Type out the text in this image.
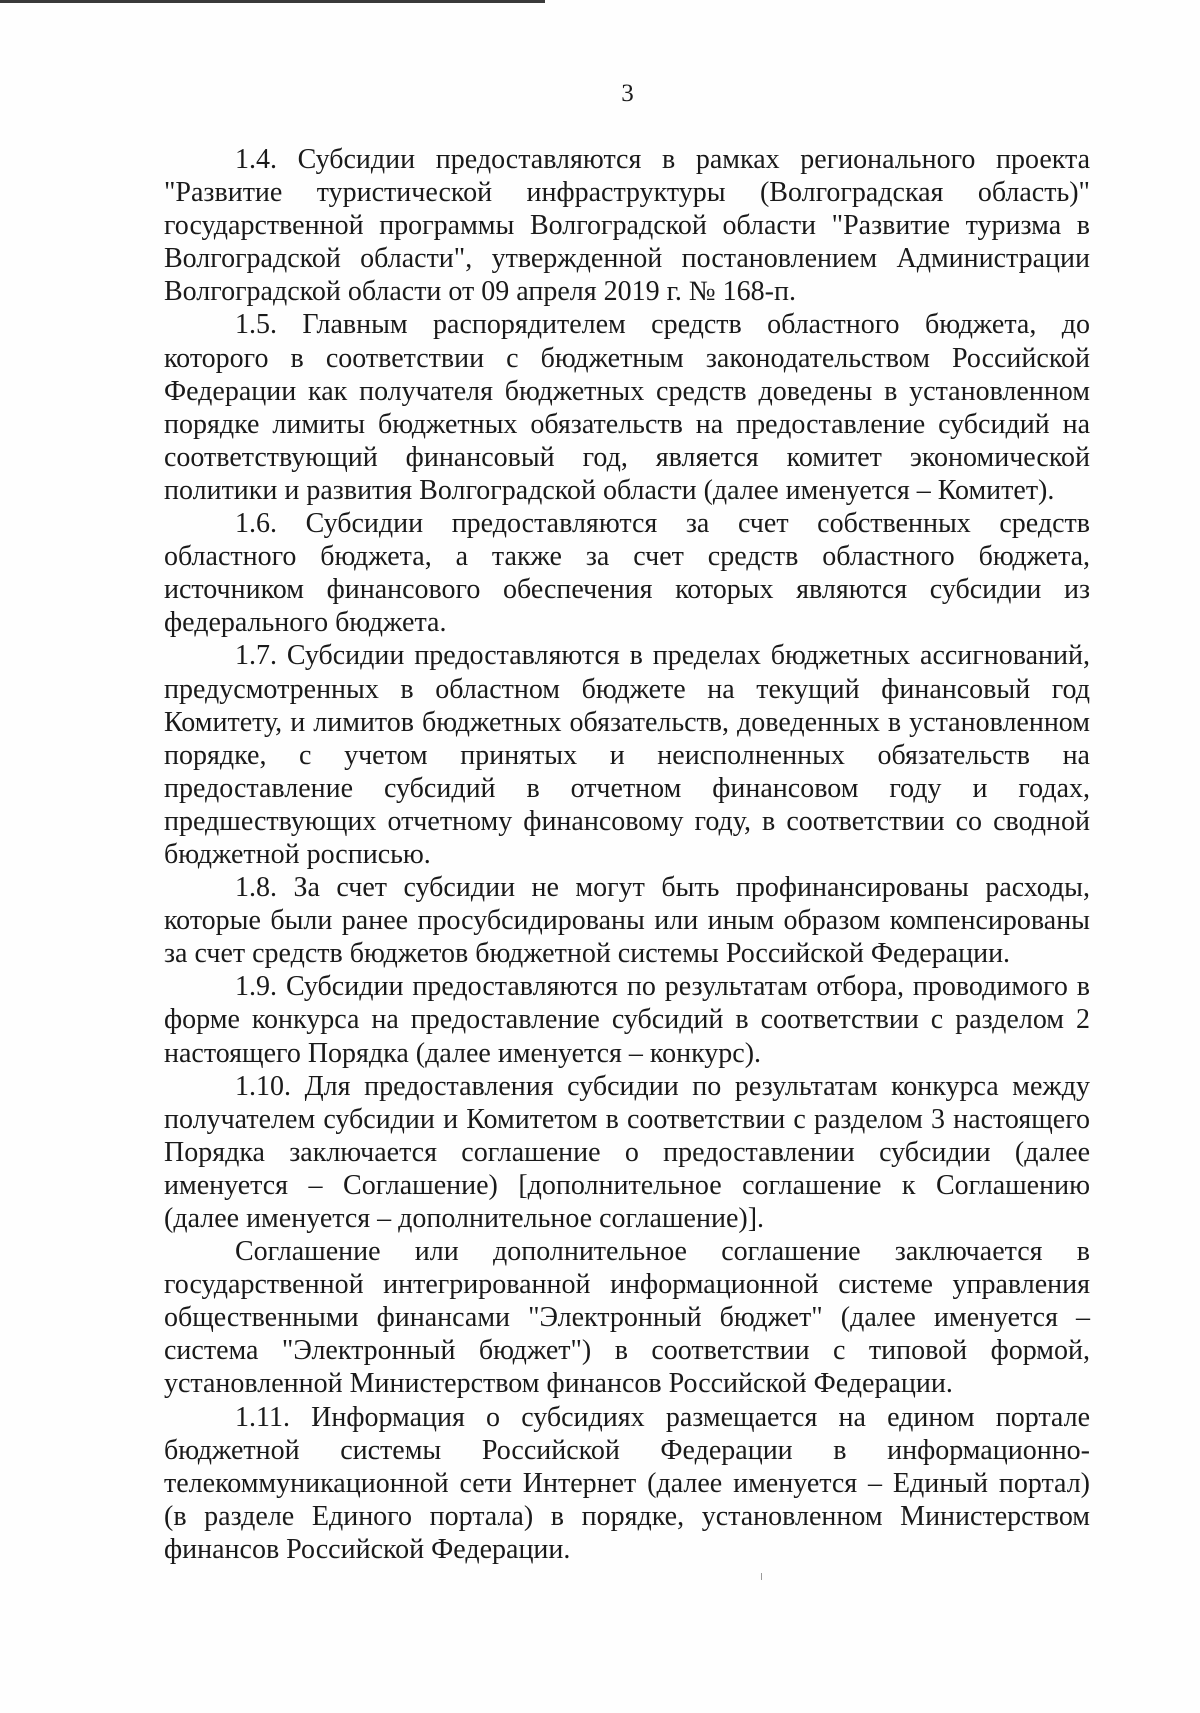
3

1.4. Субсидии предоставляются в рамках регионального проекта "Развитие туристической инфраструктуры (Волгоградская область)" государственной программы Волгоградской области "Развитие туризма в Волгоградской области", утвержденной постановлением Администрации Волгоградской области от 09 апреля 2019 г. № 168-п.

1.5. Главным распорядителем средств областного бюджета, до которого в соответствии с бюджетным законодательством Российской Федерации как получателя бюджетных средств доведены в установленном порядке лимиты бюджетных обязательств на предоставление субсидий на соответствующий финансовый год, является комитет экономической политики и развития Волгоградской области (далее именуется – Комитет).

1.6. Субсидии предоставляются за счет собственных средств областного бюджета, а также за счет средств областного бюджета, источником финансового обеспечения которых являются субсидии из федерального бюджета.

1.7. Субсидии предоставляются в пределах бюджетных ассигнований, предусмотренных в областном бюджете на текущий финансовый год Комитету, и лимитов бюджетных обязательств, доведенных в установленном порядке, с учетом принятых и неисполненных обязательств на предоставление субсидий в отчетном финансовом году и годах, предшествующих отчетному финансовому году, в соответствии со сводной бюджетной росписью.

1.8. За счет субсидии не могут быть профинансированы расходы, которые были ранее просубсидированы или иным образом компенсированы за счет средств бюджетов бюджетной системы Российской Федерации.

1.9. Субсидии предоставляются по результатам отбора, проводимого в форме конкурса на предоставление субсидий в соответствии с разделом 2 настоящего Порядка (далее именуется – конкурс).

1.10. Для предоставления субсидии по результатам конкурса между получателем субсидии и Комитетом в соответствии с разделом 3 настоящего Порядка заключается соглашение о предоставлении субсидии (далее именуется – Соглашение) [дополнительное соглашение к Соглашению (далее именуется – дополнительное соглашение)].

Соглашение или дополнительное соглашение заключается в государственной интегрированной информационной системе управления общественными финансами "Электронный бюджет" (далее именуется – система "Электронный бюджет") в соответствии с типовой формой, установленной Министерством финансов Российской Федерации.

1.11. Информация о субсидиях размещается на едином портале бюджетной системы Российской Федерации в информационно-телекоммуникационной сети Интернет (далее именуется – Единый портал) (в разделе Единого портала) в порядке, установленном Министерством финансов Российской Федерации.
